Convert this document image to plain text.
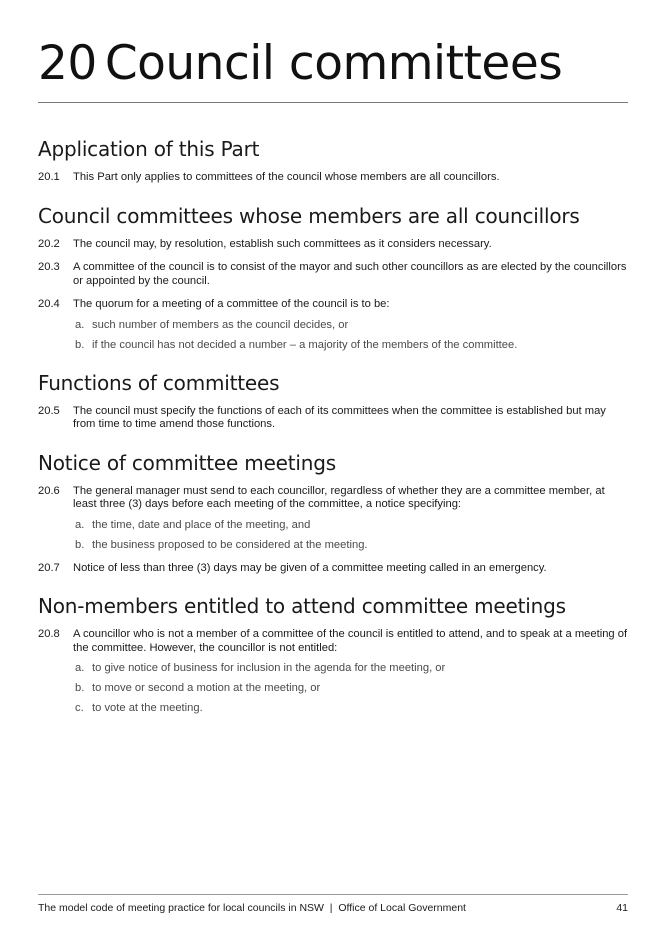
20 Council committees
Application of this Part
20.1	This Part only applies to committees of the council whose members are all councillors.
Council committees whose members are all councillors
20.2	The council may, by resolution, establish such committees as it considers necessary.
20.3	A committee of the council is to consist of the mayor and such other councillors as are elected by the councillors or appointed by the council.
20.4	The quorum for a meeting of a committee of the council is to be:
a. such number of members as the council decides, or
b. if the council has not decided a number – a majority of the members of the committee.
Functions of committees
20.5	The council must specify the functions of each of its committees when the committee is established but may from time to time amend those functions.
Notice of committee meetings
20.6	The general manager must send to each councillor, regardless of whether they are a committee member, at least three (3) days before each meeting of the committee, a notice specifying:
a. the time, date and place of the meeting, and
b. the business proposed to be considered at the meeting.
20.7	Notice of less than three (3) days may be given of a committee meeting called in an emergency.
Non-members entitled to attend committee meetings
20.8	A councillor who is not a member of a committee of the council is entitled to attend, and to speak at a meeting of the committee. However, the councillor is not entitled:
a. to give notice of business for inclusion in the agenda for the meeting, or
b. to move or second a motion at the meeting, or
c. to vote at the meeting.
The model code of meeting practice for local councils in NSW  |  Office of Local Government	41
